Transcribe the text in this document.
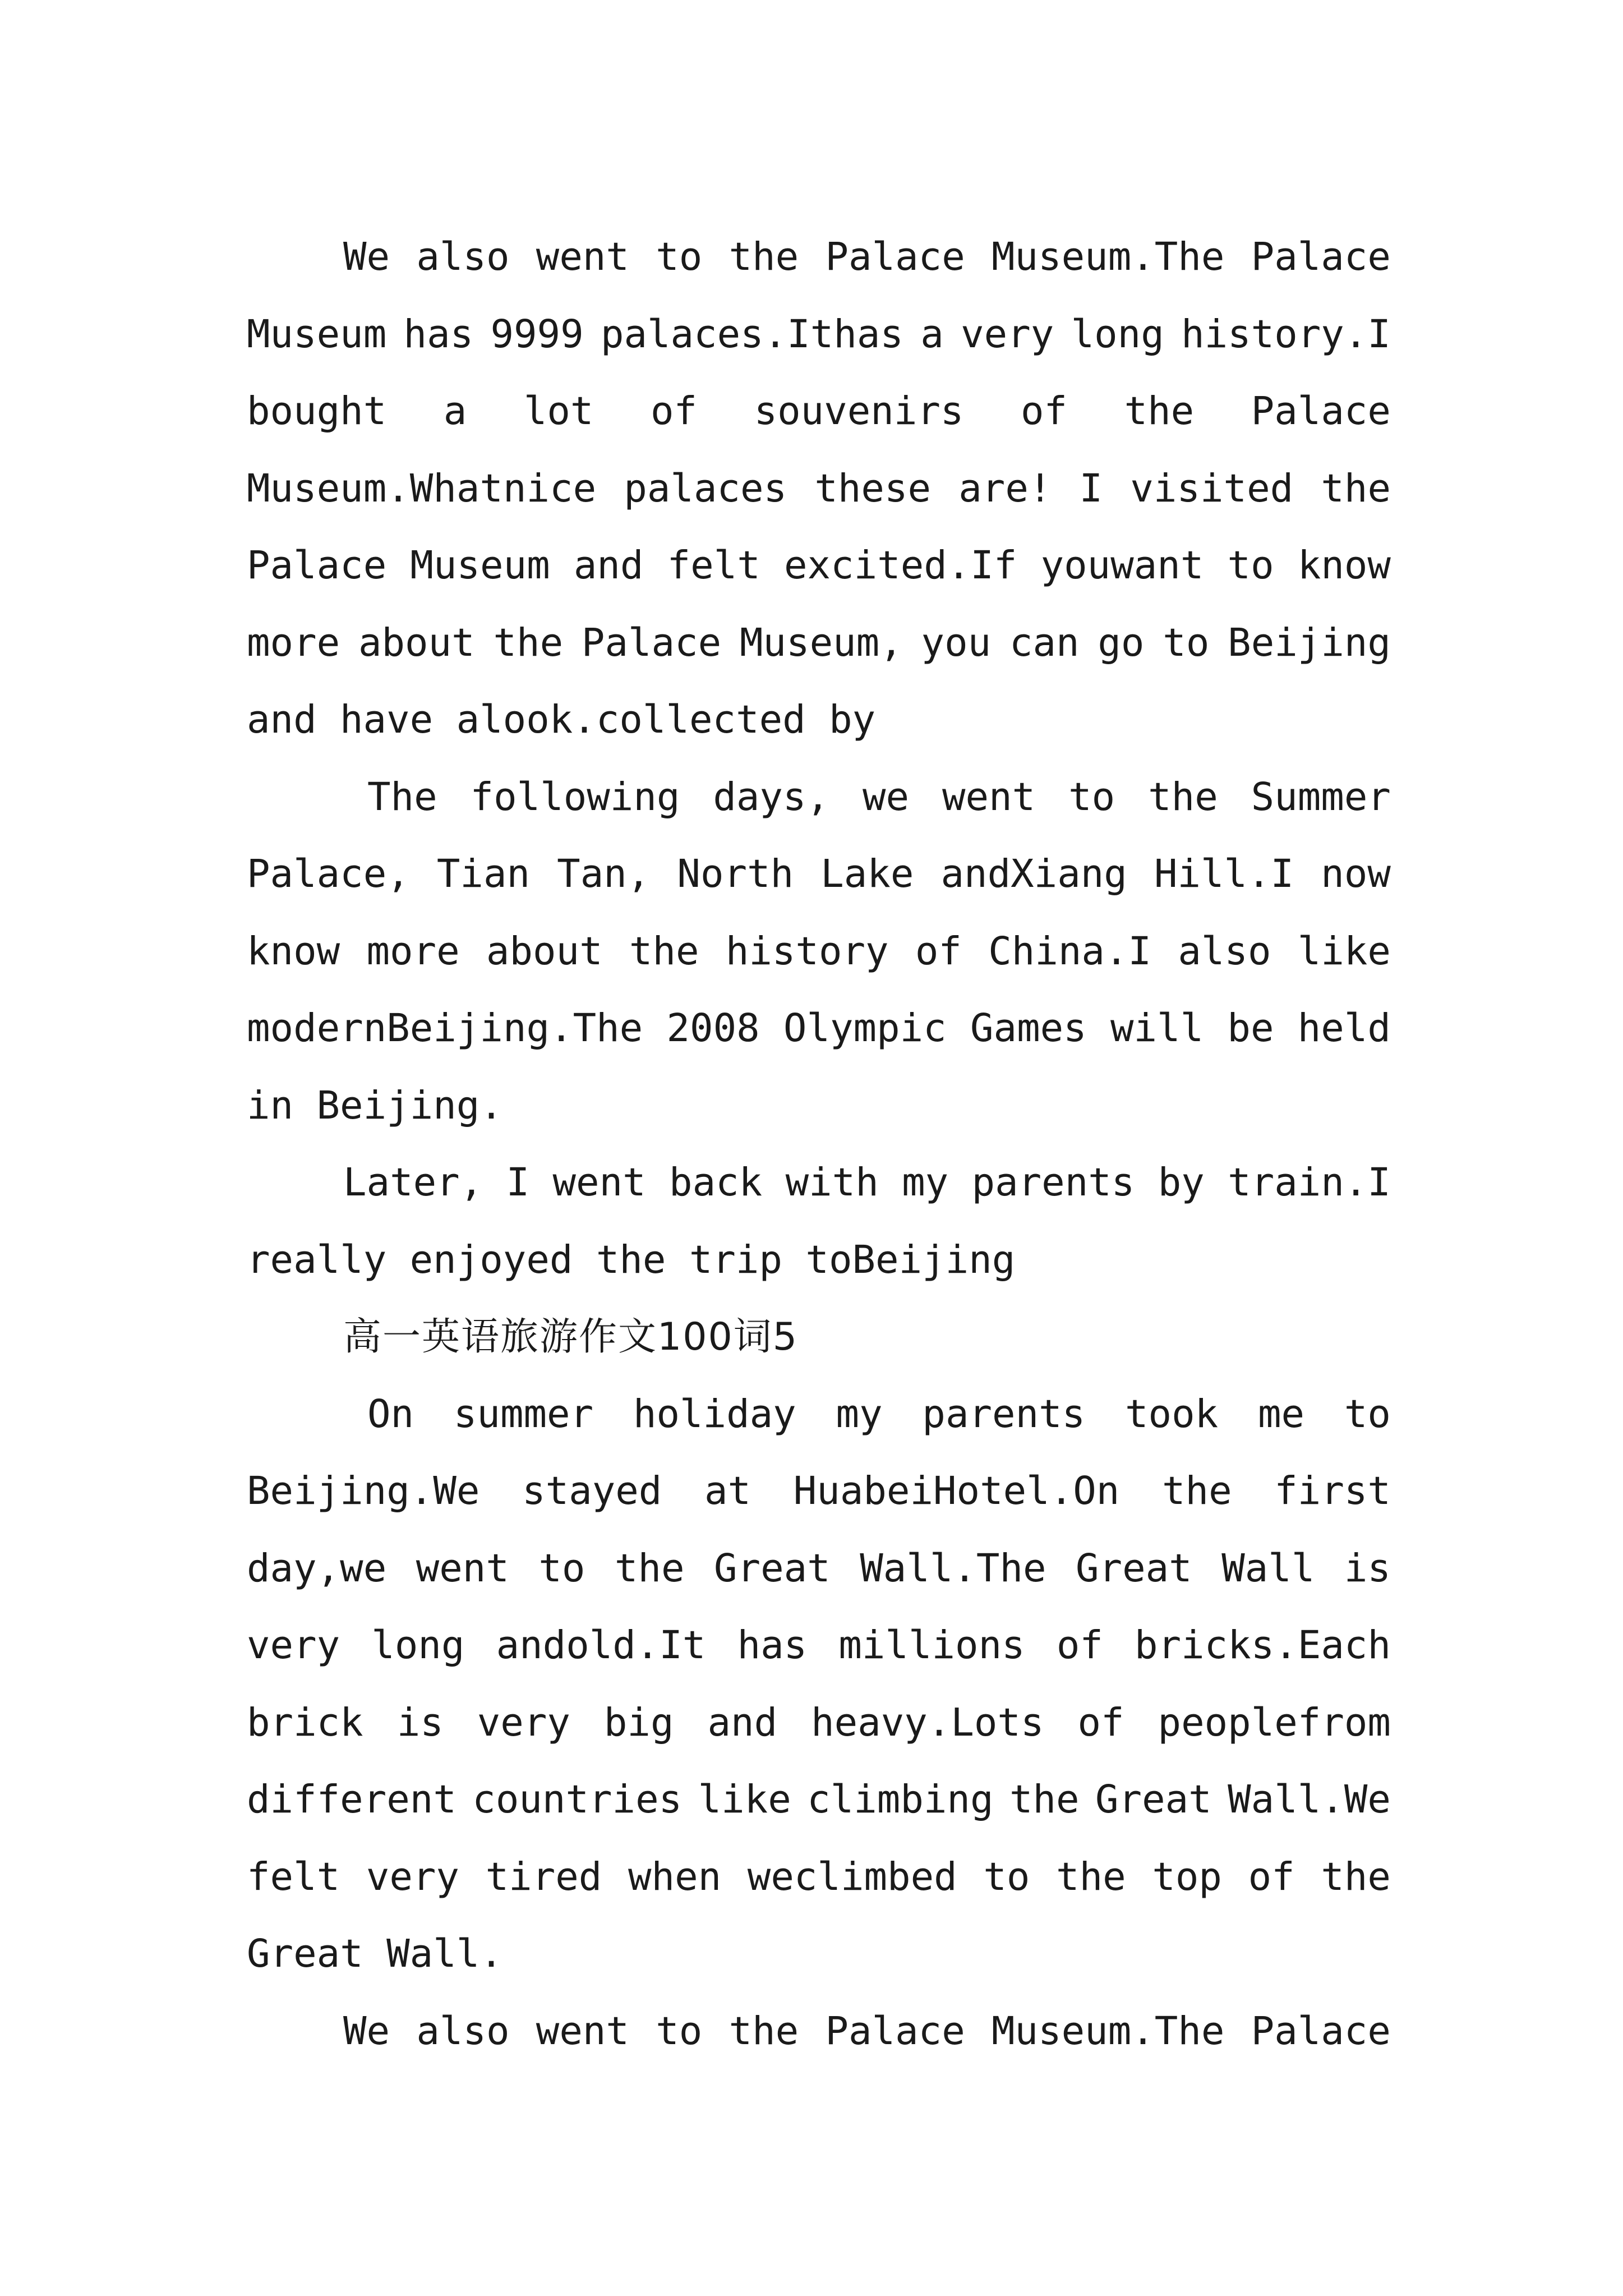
We also went to the Palace Museum.The Palace
Museum has 9999 palaces.Ithas a very long history.I
bought a lot of souvenirs of the Palace
Museum.Whatnice palaces these are! I visited the
Palace Museum and felt excited.If youwant to know
more about the Palace Museum, you can go to Beijing
and have alook.collected by
The following days, we went to the Summer
Palace, Tian Tan, North Lake andXiang Hill.I now
know more about the history of China.I also like
modernBeijing.The 2008 Olympic Games will be held
in Beijing.
Later, I went back with my parents by train.I
really enjoyed the trip toBeijing
高一英语旅游作文100词5
On summer holiday my parents took me to
Beijing.We stayed at HuabeiHotel.On the first
day,we went to the Great Wall.The Great Wall is
very long andold.It has millions of bricks.Each
brick is very big and heavy.Lots of peoplefrom
different countries like climbing the Great Wall.We
felt very tired when weclimbed to the top of the
Great Wall.
We also went to the Palace Museum.The Palace
